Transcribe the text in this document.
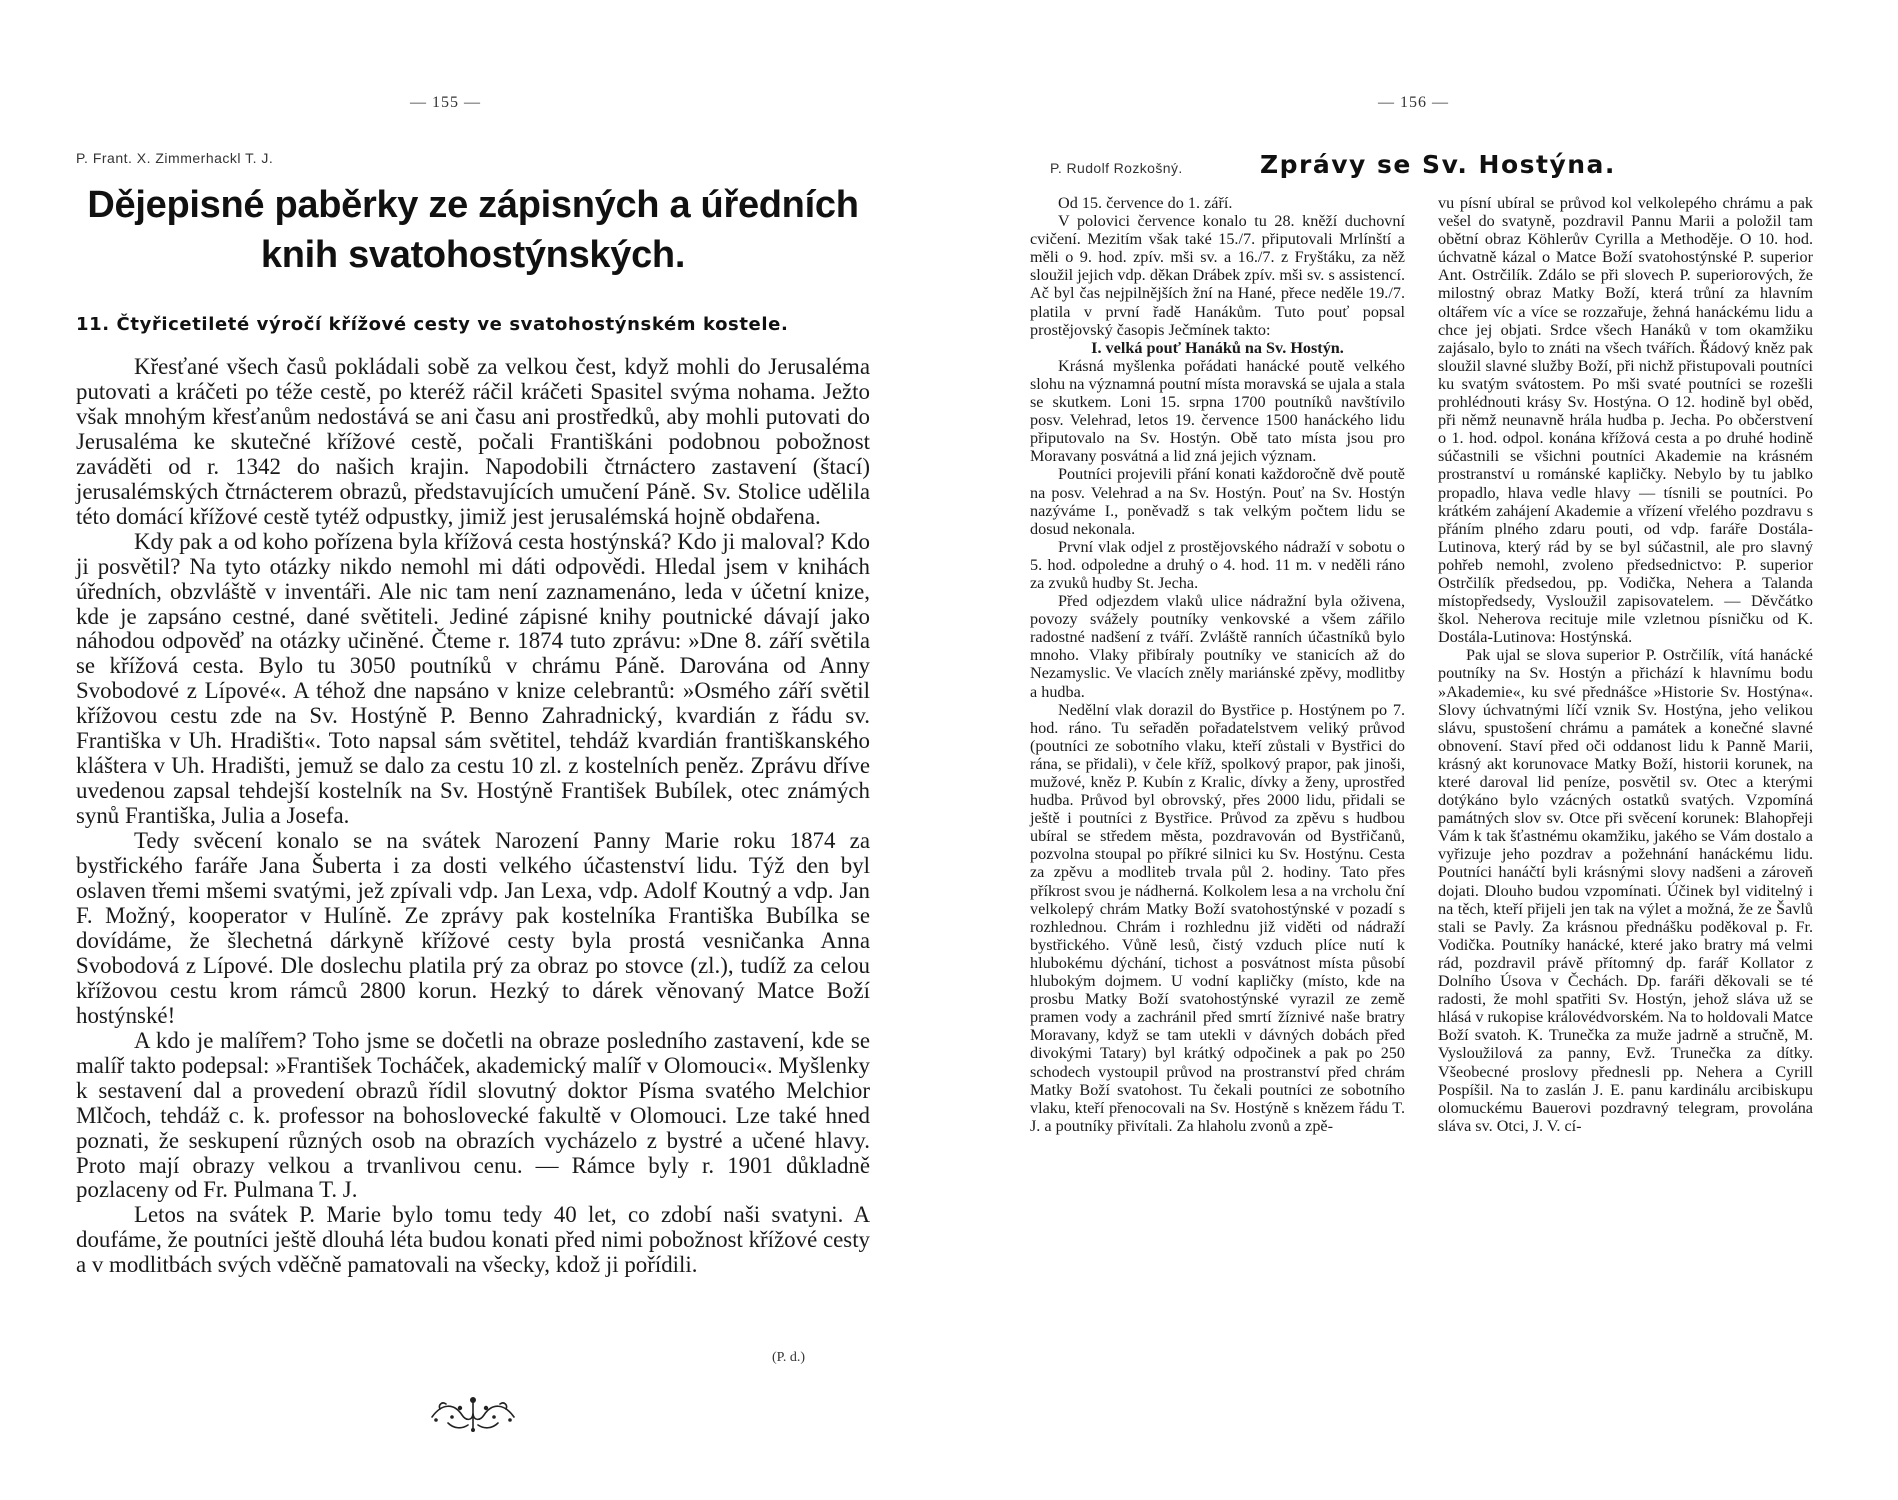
— 155 —	— 156 —
P. Frant. X. Zimmerhackl T. J.
Dějepisné paběrky ze zápisných a úředních knih svatohostýnských.
11. Čtyřicetileté výročí křížové cesty ve svatohostýnském kostele.

Křesťané všech časů pokládali sobě za velkou čest, když mohli do Jerusaléma putovati a kráčeti po téže cestě, po kteréž ráčil kráčeti Spasitel svýma nohama. Ježto však mnohým křesťanům nedostává se ani času ani prostředků, aby mohli putovati do Jerusaléma ke skutečné křížové cestě, počali Františkáni podobnou pobožnost zaváděti od r. 1342 do našich krajin. Napodobili čtrnáctero zastavení (štací) jerusalémských čtrnácterem obrazů, představujících umučení Páně. Sv. Stolice udělila této domácí křížové cestě tytéž odpustky, jimiž jest jerusalémská hojně obdařena.

Kdy pak a od koho pořízena byla křížová cesta hostýnská? Kdo ji maloval? Kdo ji posvětil? Na tyto otázky nikdo nemohl mi dáti odpovědi. Hledal jsem v knihách úředních, obzvláště v inventáři. Ale nic tam není zaznamenáno, leda v účetní knize, kde je zapsáno cestné, dané světiteli. Jediné zápisné knihy poutnické dávají jako náhodou odpověď na otázky učiněné. Čteme r. 1874 tuto zprávu: »Dne 8. září světila se křížová cesta. Bylo tu 3050 poutníků v chrámu Páně. Darována od Anny Svobodové z Lípové«. A téhož dne napsáno v knize celebrantů: »Osmého září světil křížovou cestu zde na Sv. Hostýně P. Benno Zahradnický, kvardián z řádu sv. Františka v Uh. Hradišti«. Toto napsal sám světitel, tehdáž kvardián františkanského kláštera v Uh. Hradišti, jemuž se dalo za cestu 10 zl. z kostelních peněz. Zprávu dříve uvedenou zapsal tehdejší kostelník na Sv. Hostýně František Bubílek, otec známých synů Františka, Julia a Josefa.

Tedy svěcení konalo se na svátek Narození Panny Marie roku 1874 za bystřického faráře Jana Šuberta i za dosti velkého účastenství lidu. Týž den byl oslaven třemi mšemi svatými, jež zpívali vdp. Jan Lexa, vdp. Adolf Koutný a vdp. Jan F. Možný, kooperator v Hulíně. Ze zprávy pak kostelníka Františka Bubílka se dovídáme, že šlechetná dárkyně křížové cesty byla prostá vesničanka Anna Svobodová z Lípové. Dle doslechu platila prý za obraz po stovce (zl.), tudíž za celou křížovou cestu krom rámců 2800 korun. Hezký to dárek věnovaný Matce Boží hostýnské!

A kdo je malířem? Toho jsme se dočetli na obraze posledního zastavení, kde se malíř takto podepsal: »František Tocháček, akademický malíř v Olomouci«. Myšlenky k sestavení dal a provedení obrazů řídil slovutný doktor Písma svatého Melchior Mlčoch, tehdáž c. k. professor na bohoslovecké fakultě v Olomouci. Lze také hned poznati, že seskupení různých osob na obrazích vycházelo z bystré a učené hlavy. Proto mají obrazy velkou a trvanlivou cenu. — Rámce byly r. 1901 důkladně pozlaceny od Fr. Pulmana T. J.

Letos na svátek P. Marie bylo tomu tedy 40 let, co zdobí naši svatyni. A doufáme, že poutníci ještě dlouhá léta budou konati před nimi pobožnost křížové cesty a v modlitbách svých vděčně pamatovali na všecky, kdož ji pořídili.

(P. d.)
P. Rudolf Rozkošný.	Zprávy se Sv. Hostýna.

Od 15. července do 1. září.

V polovici července konalo tu 28. kněží duchovní cvičení. Mezitím však také 15./7. připutovali Mrlínští a měli o 9. hod. zpív. mši sv. a 16./7. z Fryštáku, za něž sloužil jejich vdp. děkan Drábek zpív. mši sv. s assistencí. Ač byl čas nejpilnějších žní na Hané, přece neděle 19./7. platila v první řadě Hanákům. Tuto pouť popsal prostějovský časopis Ječmínek takto:

I. velká pouť Hanáků na Sv. Hostýn.

Krásná myšlenka pořádati hanácké poutě velkého slohu na významná poutní místa moravská se ujala a stala se skutkem. Loni 15. srpna 1700 poutníků navštívilo posv. Velehrad, letos 19. července 1500 hanáckého lidu připutovalo na Sv. Hostýn. Obě tato místa jsou pro Moravany posvátná a lid zná jejich význam.

Poutníci projevili přání konati každoročně dvě poutě na posv. Velehrad a na Sv. Hostýn. Pouť na Sv. Hostýn nazýváme I., poněvadž s tak velkým počtem lidu se dosud nekonala.

První vlak odjel z prostějovského nádraží v sobotu o 5. hod. odpoledne a druhý o 4. hod. 11 m. v neděli ráno za zvuků hudby St. Jecha.

Před odjezdem vlaků ulice nádražní byla oživena, povozy svážely poutníky venkovské a všem zářilo radostné nadšení z tváří. Zvláště ranních účastníků bylo mnoho. Vlaky přibíraly poutníky ve stanicích až do Nezamyslic. Ve vlacích zněly mariánské zpěvy, modlitby a hudba.

Nedělní vlak dorazil do Bystřice p. Hostýnem po 7. hod. ráno. Tu seřaděn pořadatelstvem veliký průvod (poutníci ze sobotního vlaku, kteří zůstali v Bystřici do rána, se přidali), v čele kříž, spolkový prapor, pak jinoši, mužové, kněz P. Kubín z Kralic, dívky a ženy, uprostřed hudba. Průvod byl obrovský, přes 2000 lidu, přidali se ještě i poutníci z Bystřice. Průvod za zpěvu s hudbou ubíral se středem města, pozdravován od Bystřičanů, pozvolna stoupal po příkré silnici ku Sv. Hostýnu. Cesta za zpěvu a modliteb trvala půl 2. hodiny. Tato přes příkrost svou je nádherná. Kolkolem lesa a na vrcholu ční velkolepý chrám Matky Boží svatohostýnské v pozadí s rozhlednou. Chrám i rozhlednu již viděti od nádraží bystřického. Vůně lesů, čistý vzduch plíce nutí k hlubokému dýchání, tichost a posvátnost místa působí hlubokým dojmem. U vodní kapličky (místo, kde na prosbu Matky Boží svatohostýnské vyrazil ze země pramen vody a zachránil před smrtí žíznivé naše bratry Moravany, když se tam utekli v dávných dobách před divokými Tatary) byl krátký odpočinek a pak po 250 schodech vystoupil průvod na prostranství před chrám Matky Boží svatohost. Tu čekali poutníci ze sobotního vlaku, kteří přenocovali na Sv. Hostýně s knězem řádu T. J. a poutníky přivítali. Za hlaholu zvonů a zpě-

vu písní ubíral se průvod kol velkolepého chrámu a pak vešel do svatyně, pozdravil Pannu Marii a položil tam obětní obraz Köhlerův Cyrilla a Methoděje. O 10. hod. úchvatně kázal o Matce Boží svatohostýnské P. superior Ant. Ostrčilík. Zdálo se při slovech P. superiorových, že milostný obraz Matky Boží, která trůní za hlavním oltářem víc a více se rozzařuje, žehná hanáckému lidu a chce jej objati. Srdce všech Hanáků v tom okamžiku zajásalo, bylo to znáti na všech tvářích. Řádový kněz pak sloužil slavné služby Boží, při nichž přistupovali poutníci ku svatým svátostem. Po mši svaté poutníci se rozešli prohlédnouti krásy Sv. Hostýna. O 12. hodině byl oběd, při němž neunavně hrála hudba p. Jecha. Po občerstvení o 1. hod. odpol. konána křížová cesta a po druhé hodině súčastnili se všichni poutníci Akademie na krásném prostranství u románské kapličky. Nebylo by tu jablko propadlo, hlava vedle hlavy — tísnili se poutníci. Po krátkém zahájení Akademie a vřízení vřelého pozdravu s přáním plného zdaru pouti, od vdp. faráře Dostála-Lutinova, který rád by se byl súčastnil, ale pro slavný pohřeb nemohl, zvoleno předsednictvo: P. superior Ostrčilík předsedou, pp. Vodička, Nehera a Talanda místopředsedy, Vysloužil zapisovatelem. — Děvčátko škol. Neherova recituje mile vzletnou písničku od K. Dostála-Lutinova: Hostýnská.

Pak ujal se slova superior P. Ostrčilík, vítá hanácké poutníky na Sv. Hostýn a přichází k hlavnímu bodu »Akademie«, ku své přednášce »Historie Sv. Hostýna«. Slovy úchvatnými líčí vznik Sv. Hostýna, jeho velikou slávu, spustošení chrámu a památek a konečné slavné obnovení. Staví před oči oddanost lidu k Panně Marii, krásný akt korunovace Matky Boží, historii korunek, na které daroval lid peníze, posvětil sv. Otec a kterými dotýkáno bylo vzácných ostatků svatých. Vzpomíná památných slov sv. Otce při svěcení korunek: Blahopřeji Vám k tak šťastnému okamžiku, jakého se Vám dostalo a vyřizuje jeho pozdrav a požehnání hanáckému lidu. Poutníci hanáčtí byli krásnými slovy nadšeni a zároveň dojati. Dlouho budou vzpomínati. Účinek byl viditelný i na těch, kteří přijeli jen tak na výlet a možná, že ze Šavlů stali se Pavly. Za krásnou přednášku poděkoval p. Fr. Vodička. Poutníky hanácké, které jako bratry má velmi rád, pozdravil právě přítomný dp. farář Kollator z Dolního Úsova v Čechách. Dp. faráři děkovali se té radosti, že mohl spatřiti Sv. Hostýn, jehož sláva už se hlásá v rukopise královédvorském. Na to holdovali Matce Boží svatoh. K. Trunečka za muže jadrně a stručně, M. Vysloužilová za panny, Evž. Trunečka za dítky. Všeobecné proslovy přednesli pp. Nehera a Cyrill Pospíšil. Na to zaslán J. E. panu kardinálu arcibiskupu olomuckému Bauerovi pozdravný telegram, provolána sláva sv. Otci, J. V. cí-
